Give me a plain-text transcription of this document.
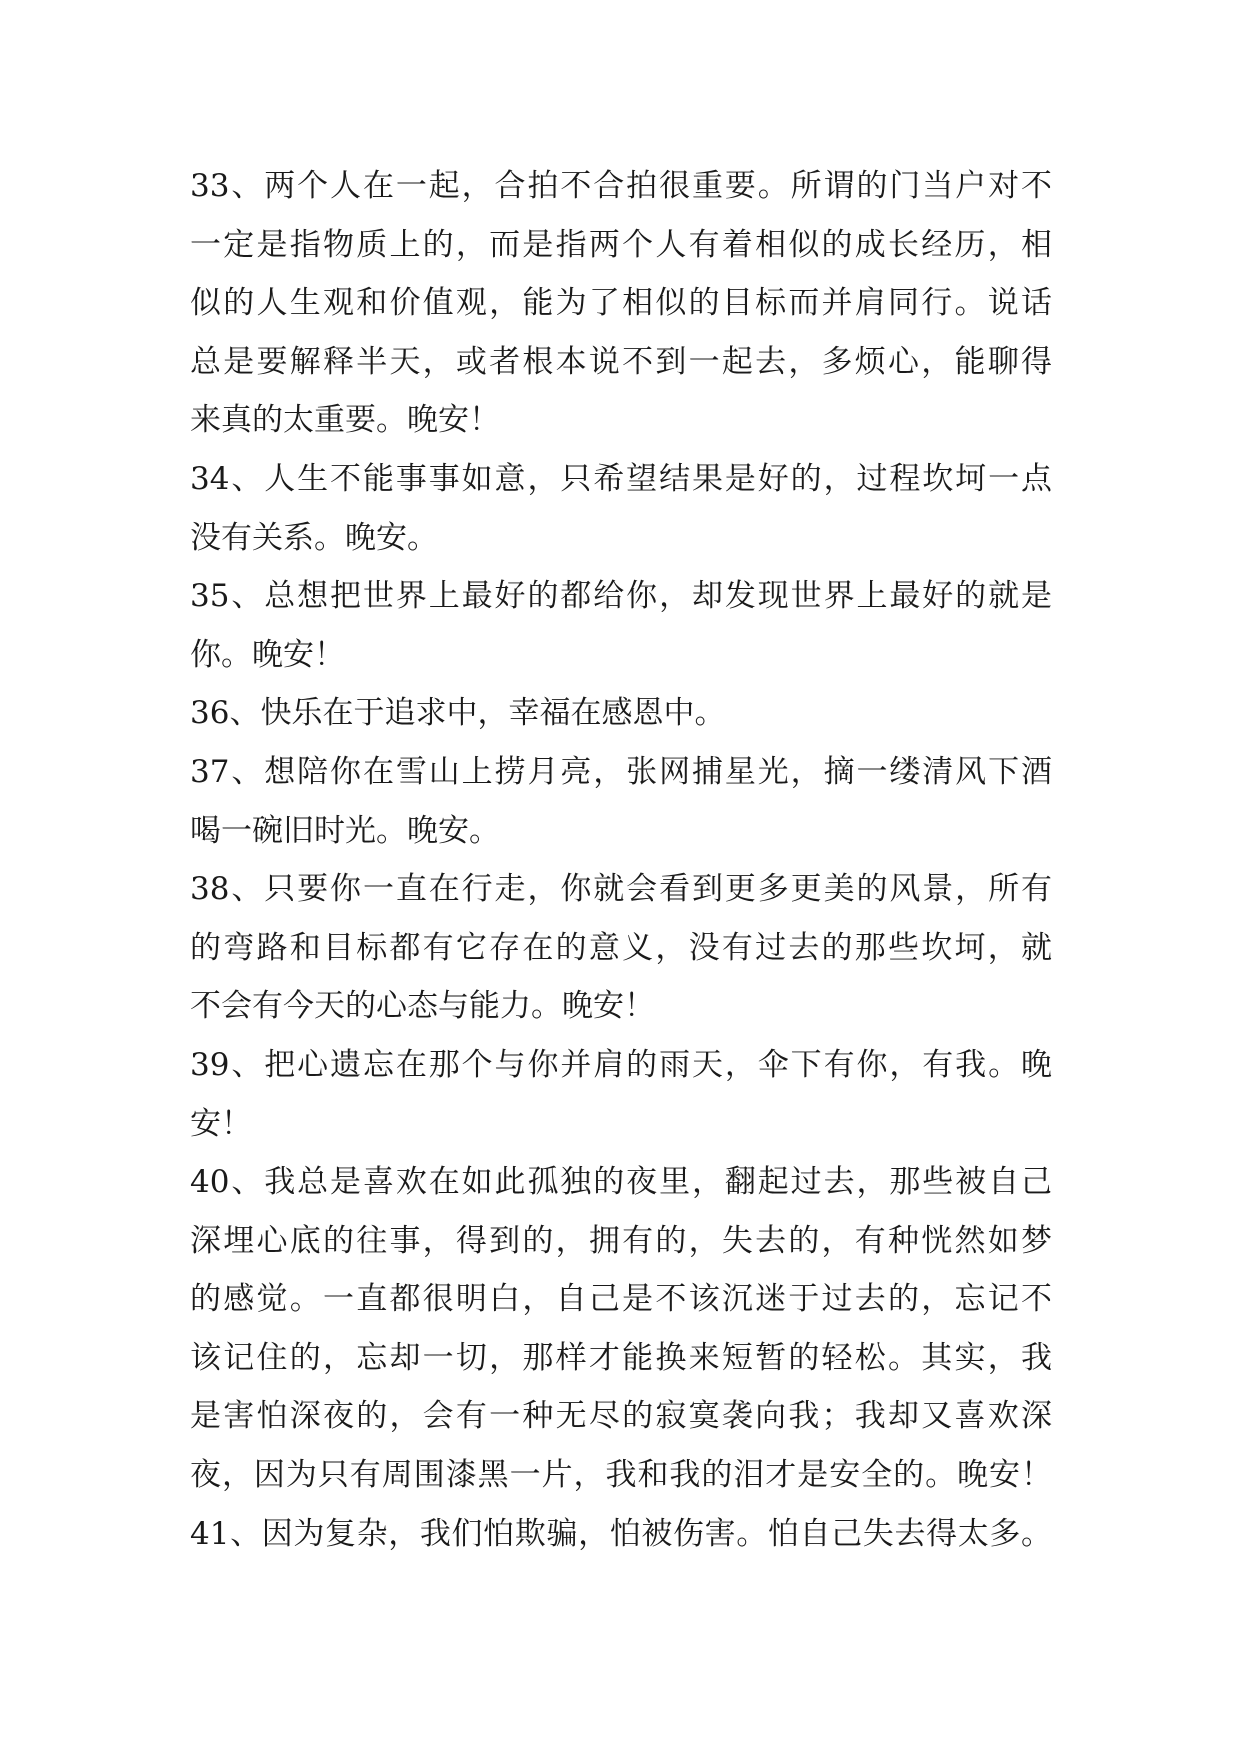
33、两个人在一起，合拍不合拍很重要。所谓的门当户对不
一定是指物质上的，而是指两个人有着相似的成长经历，相
似的人生观和价值观，能为了相似的目标而并肩同行。说话
总是要解释半天，或者根本说不到一起去，多烦心，能聊得
来真的太重要。晚安！
34、人生不能事事如意，只希望结果是好的，过程坎坷一点
没有关系。晚安。
35、总想把世界上最好的都给你，却发现世界上最好的就是
你。晚安！
36、快乐在于追求中，幸福在感恩中。
37、想陪你在雪山上捞月亮，张网捕星光，摘一缕清风下酒
喝一碗旧时光。晚安。
38、只要你一直在行走，你就会看到更多更美的风景，所有
的弯路和目标都有它存在的意义，没有过去的那些坎坷，就
不会有今天的心态与能力。晚安！
39、把心遗忘在那个与你并肩的雨天，伞下有你，有我。晚
安！
40、我总是喜欢在如此孤独的夜里，翻起过去，那些被自己
深埋心底的往事，得到的，拥有的，失去的，有种恍然如梦
的感觉。一直都很明白，自己是不该沉迷于过去的，忘记不
该记住的，忘却一切，那样才能换来短暂的轻松。其实，我
是害怕深夜的，会有一种无尽的寂寞袭向我；我却又喜欢深
夜，因为只有周围漆黑一片，我和我的泪才是安全的。晚安！
41、因为复杂，我们怕欺骗，怕被伤害。怕自己失去得太多。
